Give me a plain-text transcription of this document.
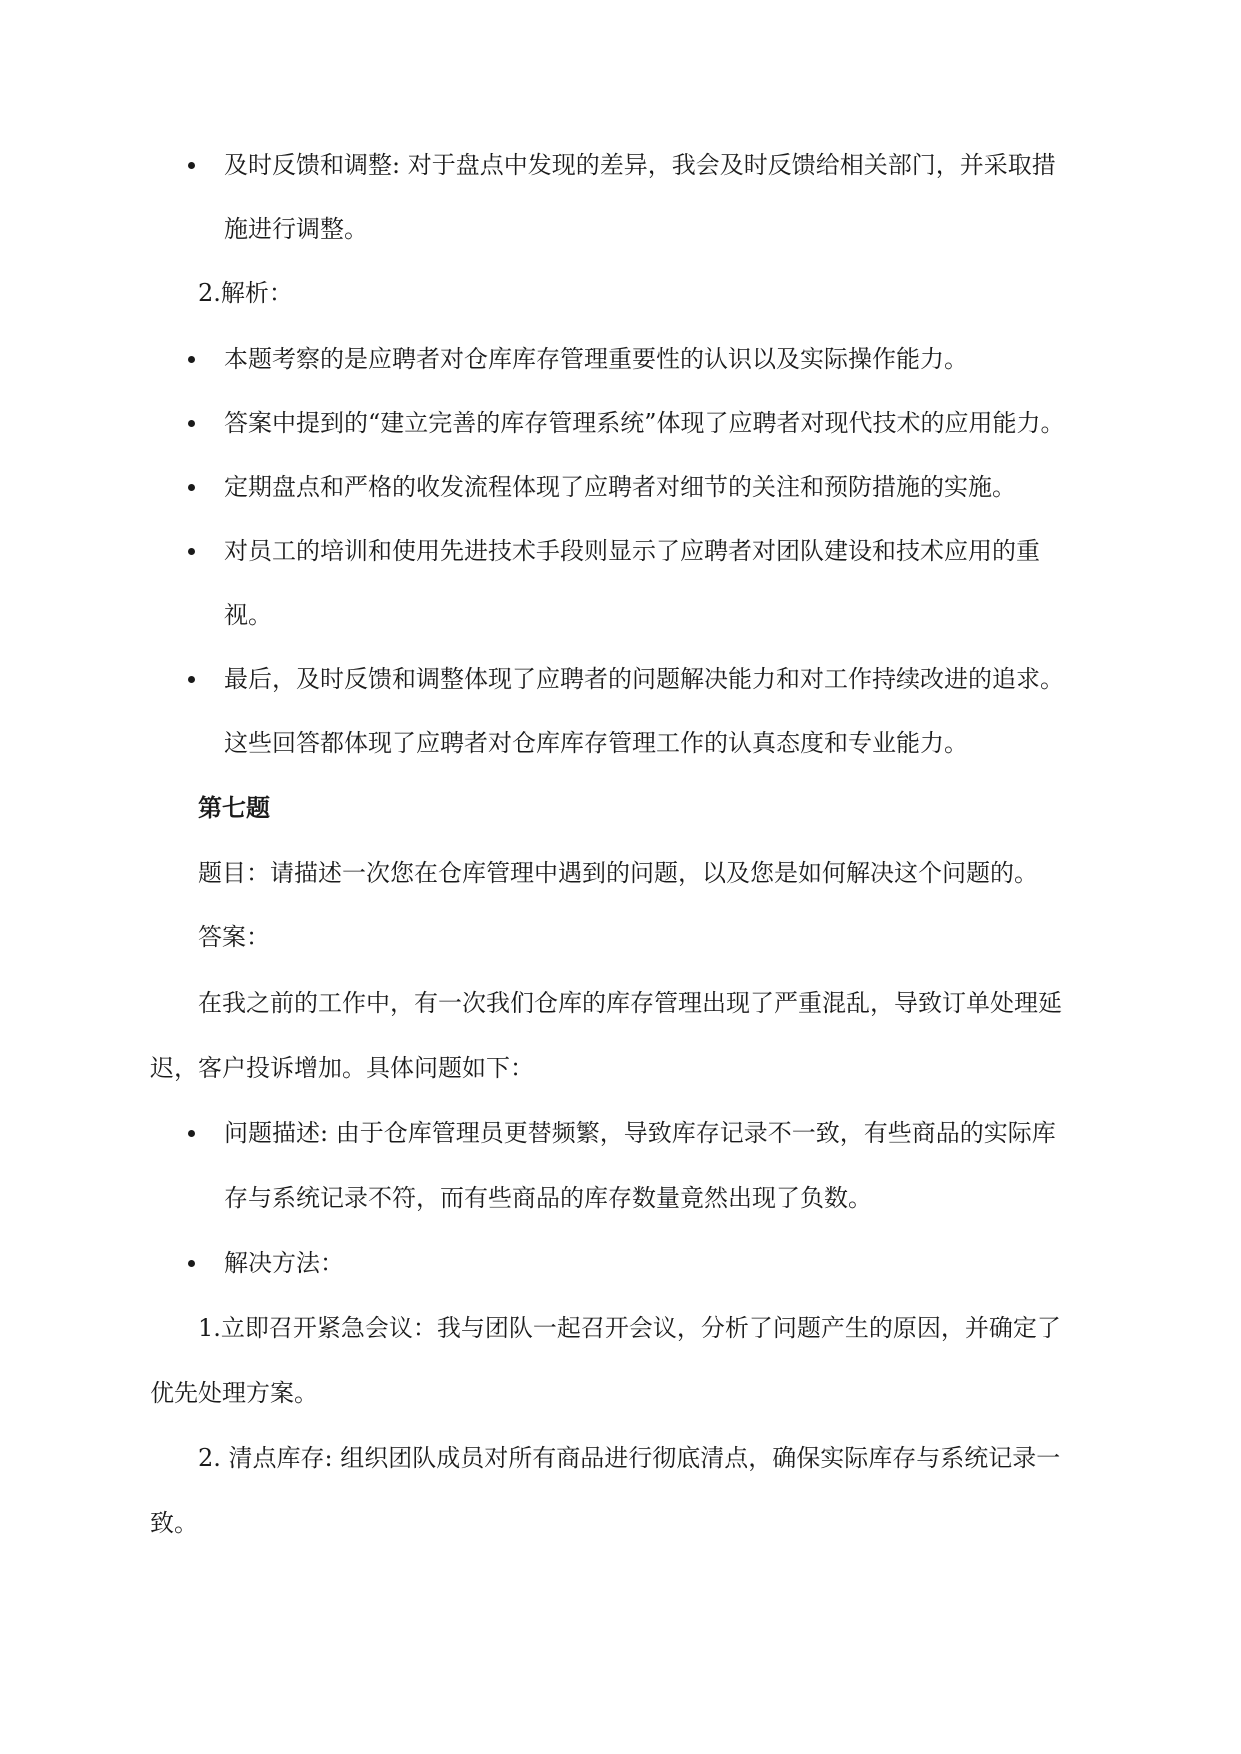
及时反馈和调整: 对于盘点中发现的差异，我会及时反馈给相关部门，并采取措
施进行调整。
2.解析：
本题考察的是应聘者对仓库库存管理重要性的认识以及实际操作能力。
答案中提到的“建立完善的库存管理系统”体现了应聘者对现代技术的应用能力。
定期盘点和严格的收发流程体现了应聘者对细节的关注和预防措施的实施。
对员工的培训和使用先进技术手段则显示了应聘者对团队建设和技术应用的重
视。
最后，及时反馈和调整体现了应聘者的问题解决能力和对工作持续改进的追求。
这些回答都体现了应聘者对仓库库存管理工作的认真态度和专业能力。
第七题
题目：请描述一次您在仓库管理中遇到的问题，以及您是如何解决这个问题的。
答案：
在我之前的工作中，有一次我们仓库的库存管理出现了严重混乱，导致订单处理延
迟，客户投诉增加。具体问题如下：
问题描述: 由于仓库管理员更替频繁，导致库存记录不一致，有些商品的实际库
存与系统记录不符，而有些商品的库存数量竟然出现了负数。
解决方法：
1.立即召开紧急会议：我与团队一起召开会议，分析了问题产生的原因，并确定了
优先处理方案。
2. 清点库存: 组织团队成员对所有商品进行彻底清点，确保实际库存与系统记录一
致。
